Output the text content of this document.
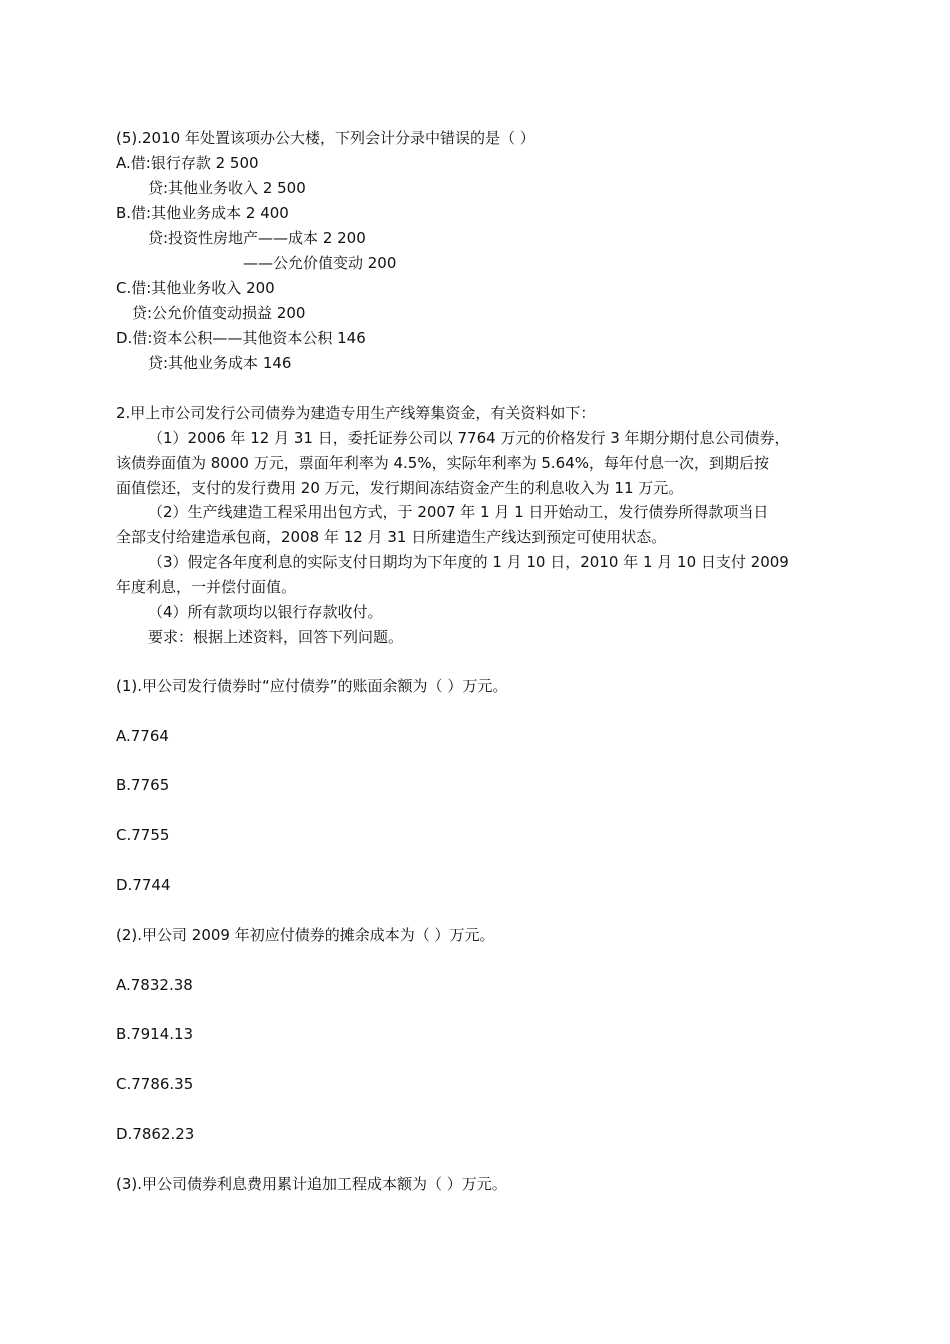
(5).2010 年处置该项办公大楼，下列会计分录中错误的是（ ）
A.借:银行存款 2 500
贷:其他业务收入 2 500
B.借:其他业务成本 2 400
贷:投资性房地产——成本 2 200
——公允价值变动 200
C.借:其他业务收入 200
贷:公允价值变动损益 200
D.借:资本公积——其他资本公积 146
贷:其他业务成本 146
2.甲上市公司发行公司债券为建造专用生产线筹集资金，有关资料如下：
（1）2006 年 12 月 31 日，委托证券公司以 7764 万元的价格发行 3 年期分期付息公司债券，
该债券面值为 8000 万元，票面年利率为 4.5%，实际年利率为 5.64%，每年付息一次，到期后按
面值偿还，支付的发行费用 20 万元，发行期间冻结资金产生的利息收入为 11 万元。
（2）生产线建造工程采用出包方式，于 2007 年 1 月 1 日开始动工，发行债券所得款项当日
全部支付给建造承包商，2008 年 12 月 31 日所建造生产线达到预定可使用状态。
（3）假定各年度利息的实际支付日期均为下年度的 1 月 10 日，2010 年 1 月 10 日支付 2009
年度利息，一并偿付面值。
（4）所有款项均以银行存款收付。
要求：根据上述资料，回答下列问题。
(1).甲公司发行债券时“应付债券”的账面余额为（ ）万元。
A.7764
B.7765
C.7755
D.7744
(2).甲公司 2009 年初应付债券的摊余成本为（ ）万元。
A.7832.38
B.7914.13
C.7786.35
D.7862.23
(3).甲公司债券利息费用累计追加工程成本额为（ ）万元。
